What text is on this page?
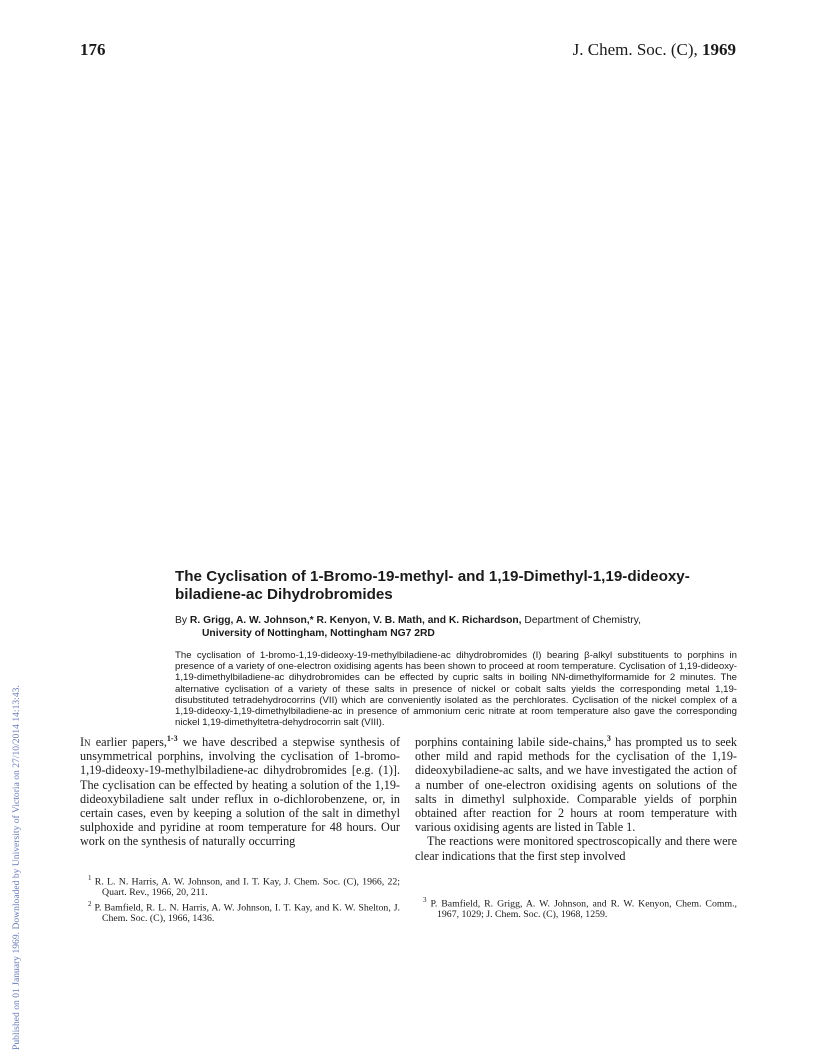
Published on 01 January 1969. Downloaded by University of Victoria on 27/10/2014 14:13:43.
176	J. Chem. Soc. (C), 1969
The Cyclisation of 1-Bromo-19-methyl- and 1,19-Dimethyl-1,19-dideoxy-
biladiene-ac Dihydrobromides
By R. Grigg, A. W. Johnson,* R. Kenyon, V. B. Math, and K. Richardson, Department of Chemistry,
University of Nottingham, Nottingham NG7 2RD
The cyclisation of 1-bromo-1,19-dideoxy-19-methylbiladiene-ac dihydrobromides (I) bearing β-alkyl substituents to porphins in presence of a variety of one-electron oxidising agents has been shown to proceed at room temperature. Cyclisation of 1,19-dideoxy-1,19-dimethylbiladiene-ac dihydrobromides can be effected by cupric salts in boiling NN-dimethylformamide for 2 minutes. The alternative cyclisation of a variety of these salts in presence of nickel or cobalt salts yields the corresponding metal 1,19-disubstituted tetradehydrocorrins (VII) which are conveniently isolated as the perchlorates. Cyclisation of the nickel complex of a 1,19-dideoxy-1,19-dimethylbiladiene-ac in presence of ammonium ceric nitrate at room temperature also gave the corresponding nickel 1,19-dimethyltetra-dehydrocorrin salt (VIII).

In earlier papers,$^{1-3}$ we have described a stepwise synthesis of unsymmetrical porphins, involving the cyclisation of 1-bromo-1,19-dideoxy-19-methylbiladiene-ac dihydrobromides [e.g. (1)]. The cyclisation can be effected by heating a solution of the 1,19-dideoxybiladiene salt under reflux in o-dichlorobenzene, or, in certain cases, even by keeping a solution of the salt in dimethyl sulphoxide and pyridine at room temperature for 48 hours. Our work on the synthesis of naturally occurring

porphins containing labile side-chains,$^3$ has prompted us to seek other mild and rapid methods for the cyclisation of the 1,19-dideoxybiladiene-ac salts, and we have investigated the action of a number of one-electron oxidising agents on solutions of the salts in dimethyl sulphoxide. Comparable yields of porphin obtained after reaction for 2 hours at room temperature with various oxidising agents are listed in Table 1.

The reactions were monitored spectroscopically and there were clear indications that the first step involved

$^1$ R. L. N. Harris, A. W. Johnson, and I. T. Kay, J. Chem. Soc. (C), 1966, 22; Quart. Rev., 1966, 20, 211.

$^2$ P. Bamfield, R. L. N. Harris, A. W. Johnson, I. T. Kay, and K. W. Shelton, J. Chem. Soc. (C), 1966, 1436.

$^3$ P. Bamfield, R. Grigg, A. W. Johnson, and R. W. Kenyon, Chem. Comm., 1967, 1029; J. Chem. Soc. (C), 1968, 1259.
